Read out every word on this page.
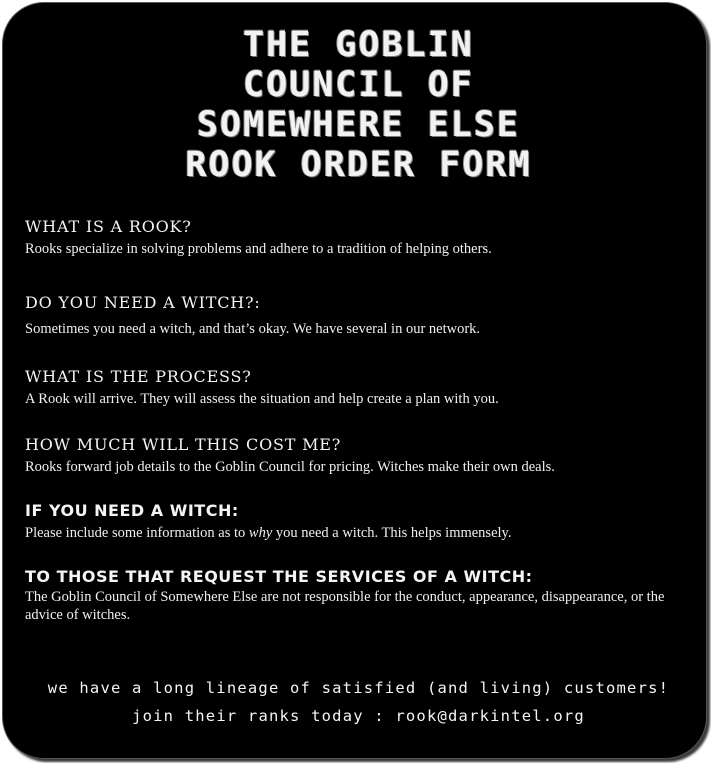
THE GOBLIN
COUNCIL OF
SOMEWHERE ELSE
ROOK ORDER FORM
WHAT IS A ROOK?
Rooks specialize in solving problems and adhere to a tradition of helping others.
DO YOU NEED A WITCH?:
Sometimes you need a witch, and that’s okay. We have several in our network.
WHAT IS THE PROCESS?
A Rook will arrive. They will assess the situation and help create a plan with you.
HOW MUCH WILL THIS COST ME?
Rooks forward job details to the Goblin Council for pricing. Witches make their own deals.
IF YOU NEED A WITCH:
Please include some information as to why you need a witch. This helps immensely.
TO THOSE THAT REQUEST THE SERVICES OF A WITCH:
The Goblin Council of Somewhere Else are not responsible for the conduct, appearance, disappearance, or the advice of witches.
we have a long lineage of satisfied (and living) customers!
join their ranks today : rook@darkintel.org
